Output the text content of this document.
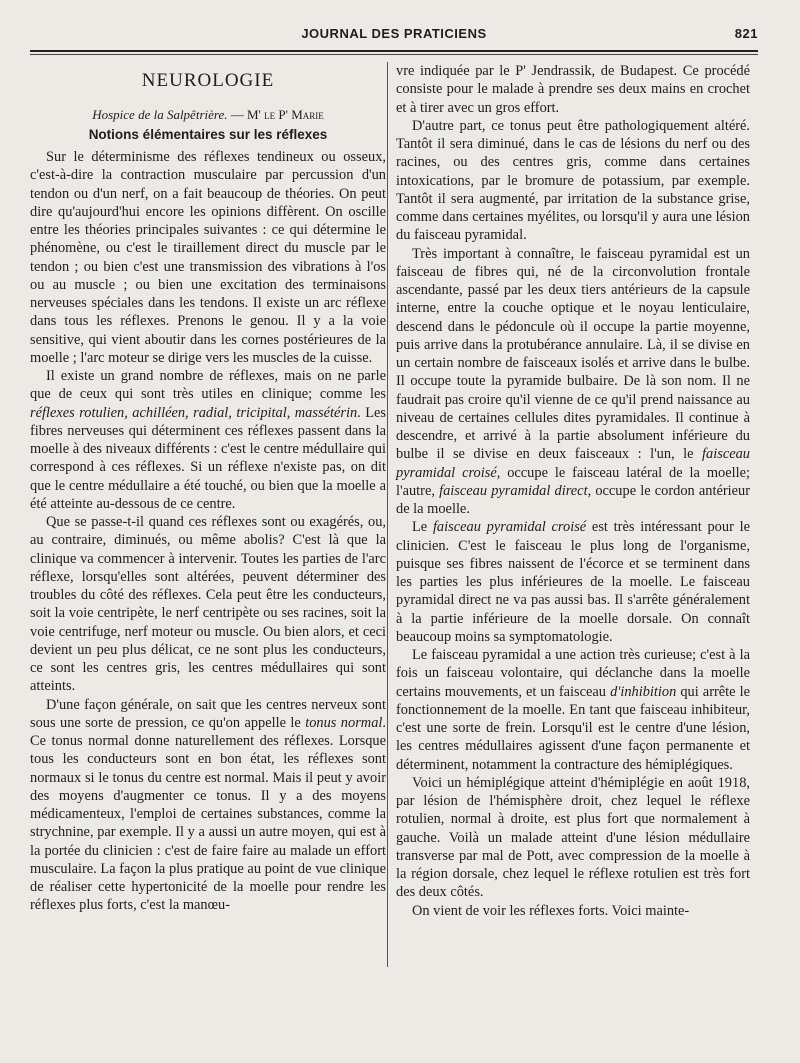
JOURNAL DES PRATICIENS	821
NEUROLOGIE
Hospice de la Salpêtrière. — M' le P' Marie
Notions élémentaires sur les réflexes

Sur le déterminisme des réflexes tendineux ou osseux, c'est-à-dire la contraction musculaire par percussion d'un tendon ou d'un nerf, on a fait beaucoup de théories. On peut dire qu'aujourd'hui encore les opinions diffèrent. On oscille entre les théories principales suivantes : ce qui détermine le phénomène, ou c'est le tiraillement direct du muscle par le tendon ; ou bien c'est une transmission des vibrations à l'os ou au muscle ; ou bien une excitation des terminaisons nerveuses spéciales dans les tendons. Il existe un arc réflexe dans tous les réflexes. Prenons le genou. Il y a la voie sensitive, qui vient aboutir dans les cornes postérieures de la moelle ; l'arc moteur se dirige vers les muscles de la cuisse.

Il existe un grand nombre de réflexes, mais on ne parle que de ceux qui sont très utiles en clinique; comme les réflexes rotulien, achilléen, radial, tricipital, massétérin. Les fibres nerveuses qui déterminent ces réflexes passent dans la moelle à des niveaux différents : c'est le centre médullaire qui correspond à ces réflexes. Si un réflexe n'existe pas, on dit que le centre médullaire a été touché, ou bien que la moelle a été atteinte au-dessous de ce centre.

Que se passe-t-il quand ces réflexes sont ou exagérés, ou, au contraire, diminués, ou même abolis? C'est là que la clinique va commencer à intervenir. Toutes les parties de l'arc réflexe, lorsqu'elles sont altérées, peuvent déterminer des troubles du côté des réflexes. Cela peut être les conducteurs, soit la voie centripète, le nerf centripète ou ses racines, soit la voie centrifuge, nerf moteur ou muscle. Ou bien alors, et ceci devient un peu plus délicat, ce ne sont plus les conducteurs, ce sont les centres gris, les centres médullaires qui sont atteints.

D'une façon générale, on sait que les centres nerveux sont sous une sorte de pression, ce qu'on appelle le tonus normal. Ce tonus normal donne naturellement des réflexes. Lorsque tous les conducteurs sont en bon état, les réflexes sont normaux si le tonus du centre est normal. Mais il peut y avoir des moyens d'augmenter ce tonus. Il y a des moyens médicamenteux, l'emploi de certaines substances, comme la strychnine, par exemple. Il y a aussi un autre moyen, qui est à la portée du clinicien : c'est de faire faire au malade un effort musculaire. La façon la plus pratique au point de vue clinique de réaliser cette hypertonicité de la moelle pour rendre les réflexes plus forts, c'est la manœu-

vre indiquée par le P' Jendrassik, de Budapest. Ce procédé consiste pour le malade à prendre ses deux mains en crochet et à tirer avec un gros effort.

D'autre part, ce tonus peut être pathologiquement altéré. Tantôt il sera diminué, dans le cas de lésions du nerf ou des racines, ou des centres gris, comme dans certaines intoxications, par le bromure de potassium, par exemple. Tantôt il sera augmenté, par irritation de la substance grise, comme dans certaines myélites, ou lorsqu'il y aura une lésion du faisceau pyramidal.

Très important à connaître, le faisceau pyramidal est un faisceau de fibres qui, né de la circonvolution frontale ascendante, passé par les deux tiers antérieurs de la capsule interne, entre la couche optique et le noyau lenticulaire, descend dans le pédoncule où il occupe la partie moyenne, puis arrive dans la protubérance annulaire. Là, il se divise en un certain nombre de faisceaux isolés et arrive dans le bulbe. Il occupe toute la pyramide bulbaire. De là son nom. Il ne faudrait pas croire qu'il vienne de ce qu'il prend naissance au niveau de certaines cellules dites pyramidales. Il continue à descendre, et arrivé à la partie absolument inférieure du bulbe il se divise en deux faisceaux : l'un, le faisceau pyramidal croisé, occupe le faisceau latéral de la moelle; l'autre, faisceau pyramidal direct, occupe le cordon antérieur de la moelle.

Le faisceau pyramidal croisé est très intéressant pour le clinicien. C'est le faisceau le plus long de l'organisme, puisque ses fibres naissent de l'écorce et se terminent dans les parties les plus inférieures de la moelle. Le faisceau pyramidal direct ne va pas aussi bas. Il s'arrête généralement à la partie inférieure de la moelle dorsale. On connaît beaucoup moins sa symptomatologie.

Le faisceau pyramidal a une action très curieuse; c'est à la fois un faisceau volontaire, qui déclanche dans la moelle certains mouvements, et un faisceau d'inhibition qui arrête le fonctionnement de la moelle. En tant que faisceau inhibiteur, c'est une sorte de frein. Lorsqu'il est le centre d'une lésion, les centres médullaires agissent d'une façon permanente et déterminent, notamment la contracture des hémiplégiques.

Voici un hémiplégique atteint d'hémiplégie en août 1918, par lésion de l'hémisphère droit, chez lequel le réflexe rotulien, normal à droite, est plus fort que normalement à gauche. Voilà un malade atteint d'une lésion médullaire transverse par mal de Pott, avec compression de la moelle à la région dorsale, chez lequel le réflexe rotulien est très fort des deux côtés.

On vient de voir les réflexes forts. Voici mainte-
